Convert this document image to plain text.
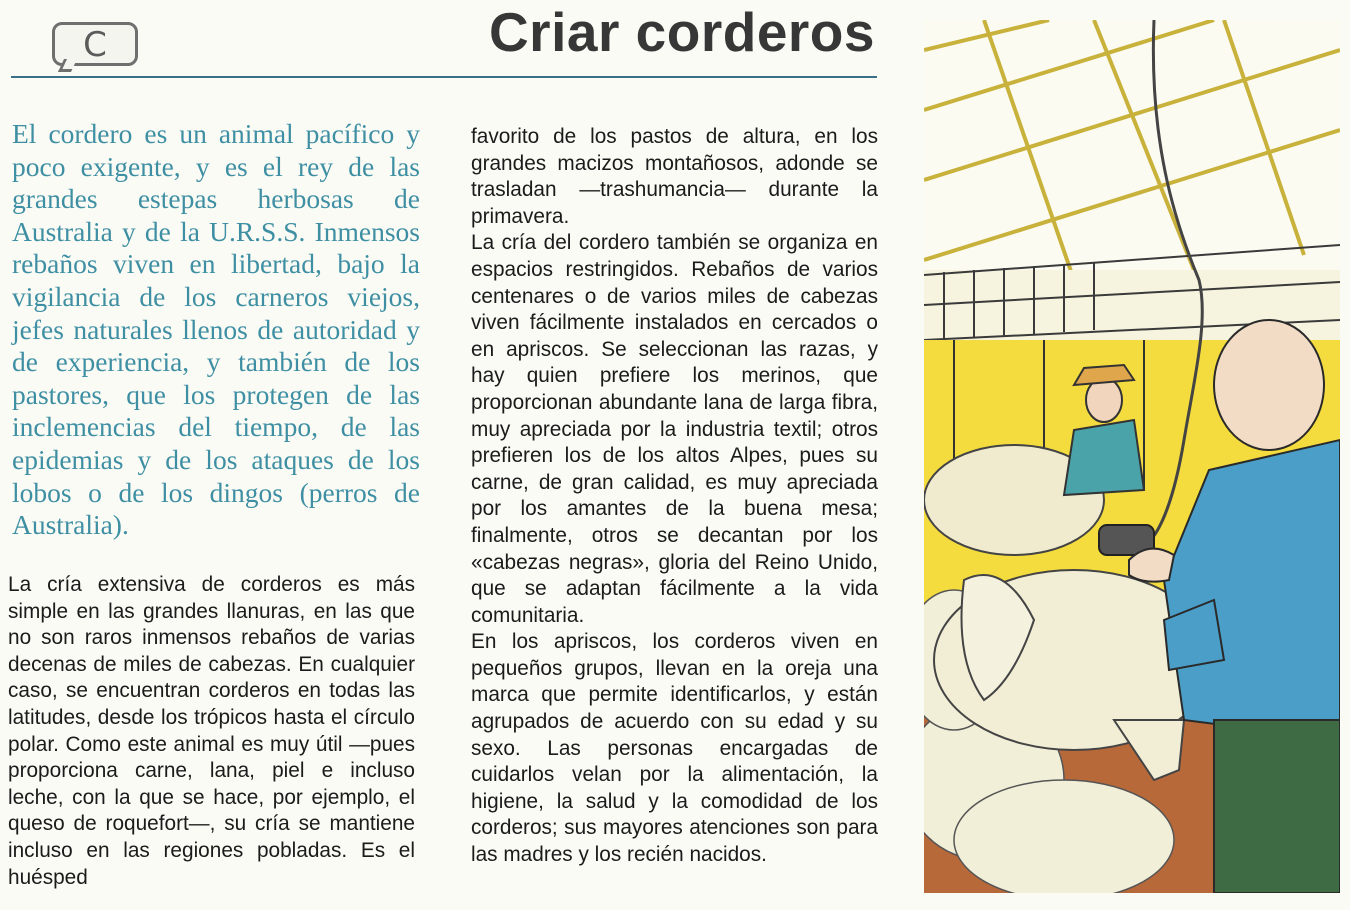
C	Criar corderos

El cordero es un animal pacífico y poco exigente, y es el rey de las grandes estepas herbosas de Australia y de la U.R.S.S. Inmensos rebaños viven en libertad, bajo la vigilancia de los carneros viejos, jefes naturales llenos de autoridad y de experiencia, y también de los pastores, que los protegen de las inclemencias del tiempo, de las epidemias y de los ataques de los lobos o de los dingos (perros de Australia).

La cría extensiva de corderos es más simple en las grandes llanuras, en las que no son raros inmensos rebaños de varias decenas de miles de cabezas. En cualquier caso, se encuentran corderos en todas las latitudes, desde los trópicos hasta el círculo polar. Como este animal es muy útil —pues proporciona carne, lana, piel e incluso leche, con la que se hace, por ejemplo, el queso de roquefort—, su cría se mantiene incluso en las regiones pobladas. Es el huésped

favorito de los pastos de altura, en los grandes macizos montañosos, adonde se trasladan —trashumancia— durante la primavera.

La cría del cordero también se organiza en espacios restringidos. Rebaños de varios centenares o de varios miles de cabezas viven fácilmente instalados en cercados o en apriscos. Se seleccionan las razas, y hay quien prefiere los merinos, que proporcionan abundante lana de larga fibra, muy apreciada por la industria textil; otros prefieren los de los altos Alpes, pues su carne, de gran calidad, es muy apreciada por los amantes de la buena mesa; finalmente, otros se decantan por los «cabezas negras», gloria del Reino Unido, que se adaptan fácilmente a la vida comunitaria.

En los apriscos, los corderos viven en pequeños grupos, llevan en la oreja una marca que permite identificarlos, y están agrupados de acuerdo con su edad y su sexo. Las personas encargadas de cuidarlos velan por la alimentación, la higiene, la salud y la comodidad de los corderos; sus mayores atenciones son para las madres y los recién nacidos.
